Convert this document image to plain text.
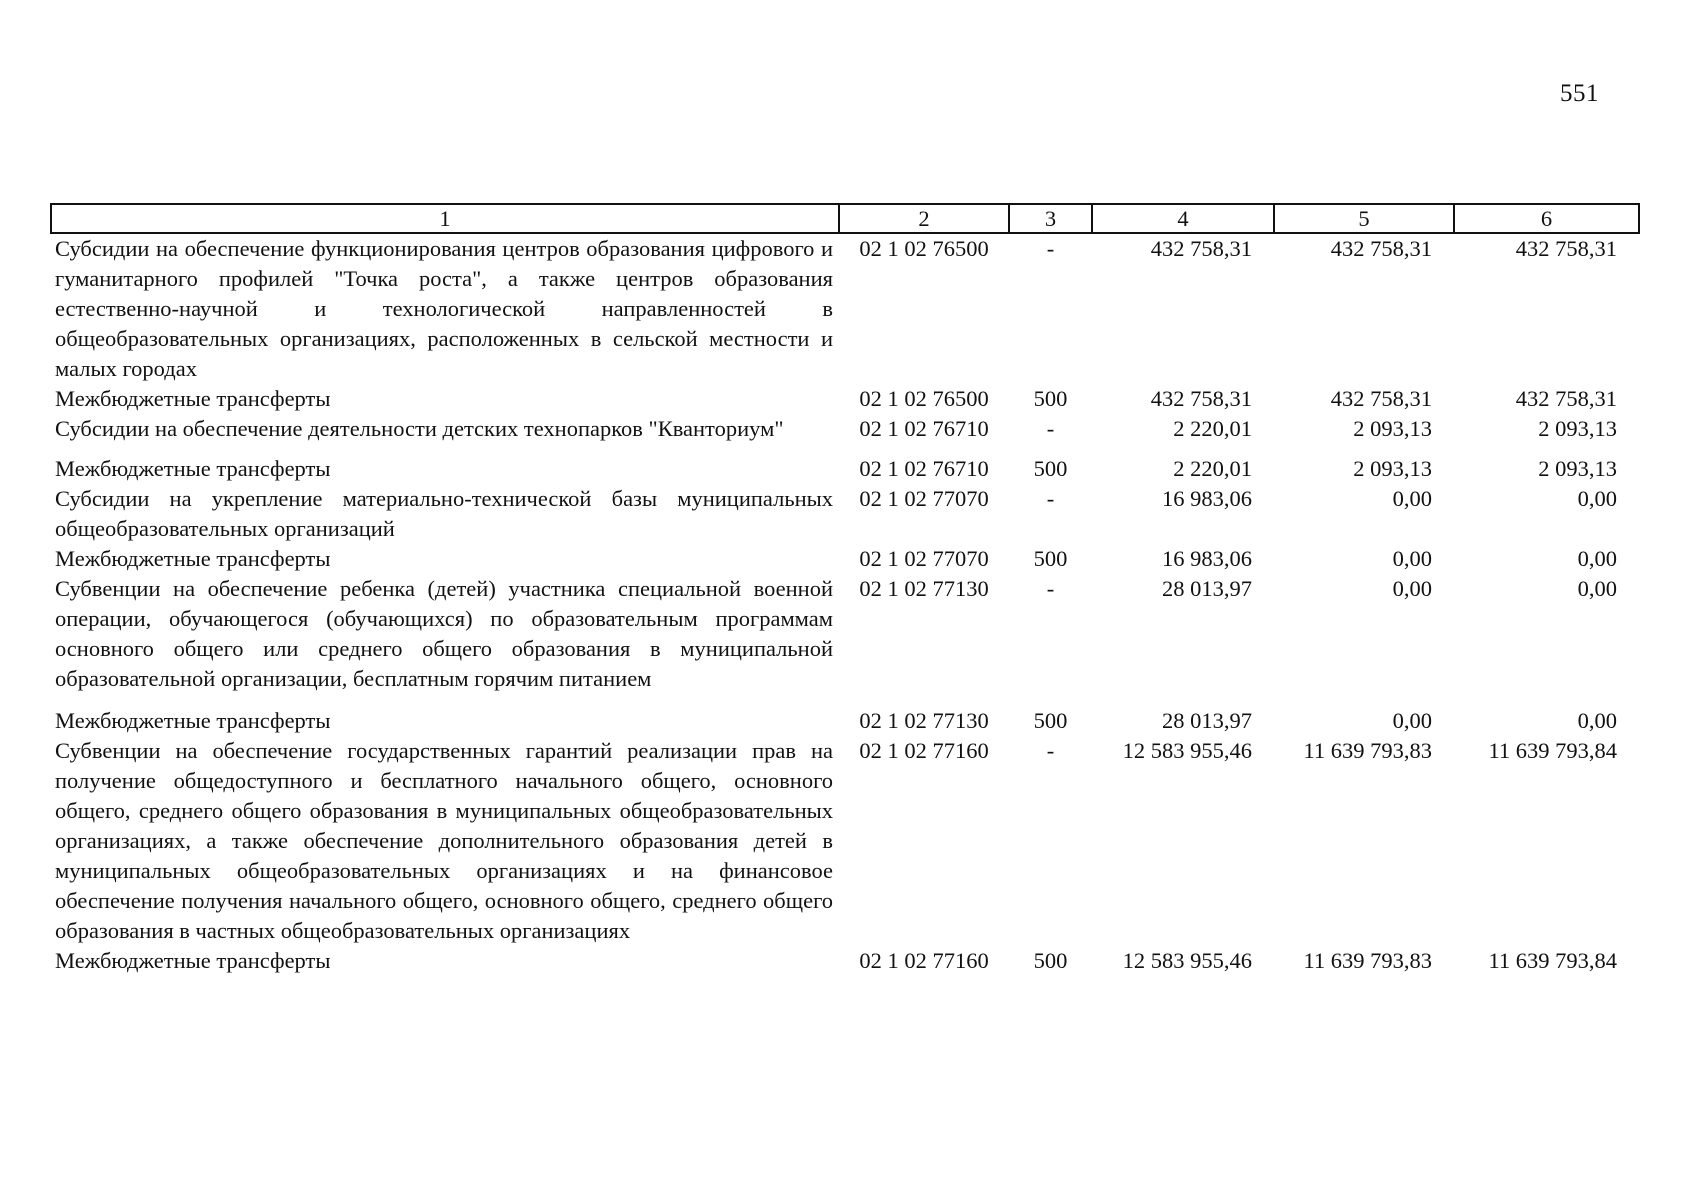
551
1	2	3	4	5	6
Субсидии на обеспечение функционирования центров образования цифрового и гуманитарного профилей "Точка роста", а также центров образования естественно-научной и технологической направленностей в общеобразовательных организациях, расположенных в сельской местности и малых городах	02 1 02 76500	-	432 758,31	432 758,31	432 758,31
Межбюджетные трансферты	02 1 02 76500	500	432 758,31	432 758,31	432 758,31
Субсидии на обеспечение деятельности детских технопарков "Кванториум"	02 1 02 76710	-	2 220,01	2 093,13	2 093,13
Межбюджетные трансферты	02 1 02 76710	500	2 220,01	2 093,13	2 093,13
Субсидии на укрепление материально-технической базы муниципальных общеобразовательных организаций	02 1 02 77070	-	16 983,06	0,00	0,00
Межбюджетные трансферты	02 1 02 77070	500	16 983,06	0,00	0,00
Субвенции на обеспечение ребенка (детей) участника специальной военной операции, обучающегося (обучающихся) по образовательным программам основного общего или среднего общего образования в муниципальной образовательной организации, бесплатным горячим питанием	02 1 02 77130	-	28 013,97	0,00	0,00
Межбюджетные трансферты	02 1 02 77130	500	28 013,97	0,00	0,00
Субвенции на обеспечение государственных гарантий реализации прав на получение общедоступного и бесплатного начального общего, основного общего, среднего общего образования в муниципальных общеобразовательных организациях, а также обеспечение дополнительного образования детей в муниципальных общеобразовательных организациях и на финансовое обеспечение получения начального общего, основного общего, среднего общего образования в частных общеобразовательных организациях	02 1 02 77160	-	12 583 955,46	11 639 793,83	11 639 793,84
Межбюджетные трансферты	02 1 02 77160	500	12 583 955,46	11 639 793,83	11 639 793,84
